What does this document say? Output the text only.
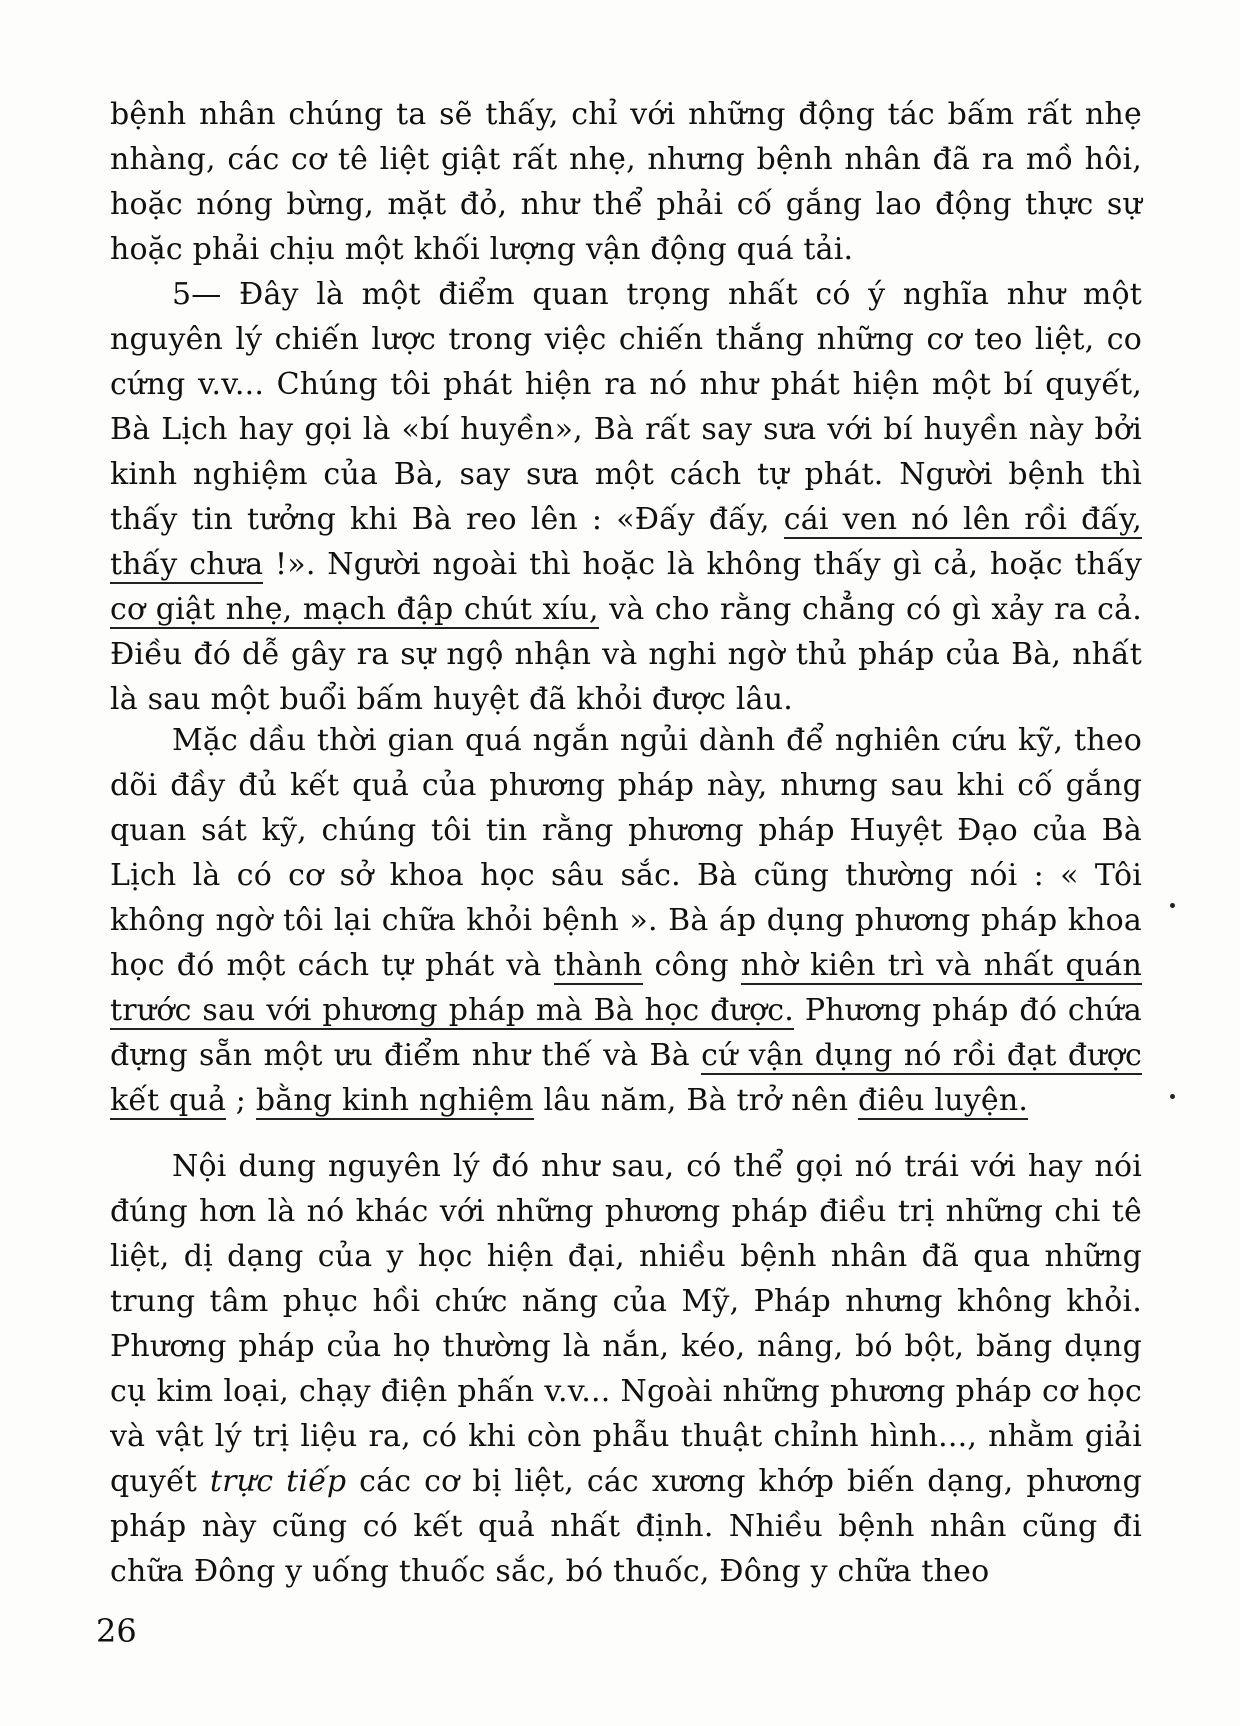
bệnh nhân chúng ta sẽ thấy, chỉ với những động tác bấm rất nhẹ nhàng, các cơ tê liệt giật rất nhẹ, nhưng bệnh nhân đã ra mồ hôi, hoặc nóng bừng, mặt đỏ, như thể phải cố gắng lao động thực sự hoặc phải chịu một khối lượng vận động quá tải.

5— Đây là một điểm quan trọng nhất có ý nghĩa như một nguyên lý chiến lược trong việc chiến thắng những cơ teo liệt, co cứng v.v... Chúng tôi phát hiện ra nó như phát hiện một bí quyết, Bà Lịch hay gọi là «bí huyền», Bà rất say sưa với bí huyền này bởi kinh nghiệm của Bà, say sưa một cách tự phát. Người bệnh thì thấy tin tưởng khi Bà reo lên : «Đấy đấy, cái ven nó lên rồi đấy, thấy chưa !». Người ngoài thì hoặc là không thấy gì cả, hoặc thấy cơ giật nhẹ, mạch đập chút xíu, và cho rằng chẳng có gì xảy ra cả. Điều đó dễ gây ra sự ngộ nhận và nghi ngờ thủ pháp của Bà, nhất là sau một buổi bấm huyệt đã khỏi được lâu.

Mặc dầu thời gian quá ngắn ngủi dành để nghiên cứu kỹ, theo dõi đầy đủ kết quả của phương pháp này, nhưng sau khi cố gắng quan sát kỹ, chúng tôi tin rằng phương pháp Huyệt Đạo của Bà Lịch là có cơ sở khoa học sâu sắc. Bà cũng thường nói : « Tôi không ngờ tôi lại chữa khỏi bệnh ». Bà áp dụng phương pháp khoa học đó một cách tự phát và thành công nhờ kiên trì và nhất quán trước sau với phương pháp mà Bà học được. Phương pháp đó chứa đựng sẵn một ưu điểm như thế và Bà cứ vận dụng nó rồi đạt được kết quả ; bằng kinh nghiệm lâu năm, Bà trở nên điêu luyện.

Nội dung nguyên lý đó như sau, có thể gọi nó trái với hay nói đúng hơn là nó khác với những phương pháp điều trị những chi tê liệt, dị dạng của y học hiện đại, nhiều bệnh nhân đã qua những trung tâm phục hồi chức năng của Mỹ, Pháp nhưng không khỏi. Phương pháp của họ thường là nắn, kéo, nâng, bó bột, băng dụng cụ kim loại, chạy điện phấn v.v... Ngoài những phương pháp cơ học và vật lý trị liệu ra, có khi còn phẫu thuật chỉnh hình..., nhằm giải quyết trực tiếp các cơ bị liệt, các xương khớp biến dạng, phương pháp này cũng có kết quả nhất định. Nhiều bệnh nhân cũng đi chữa Đông y uống thuốc sắc, bó thuốc, Đông y chữa theo

26
